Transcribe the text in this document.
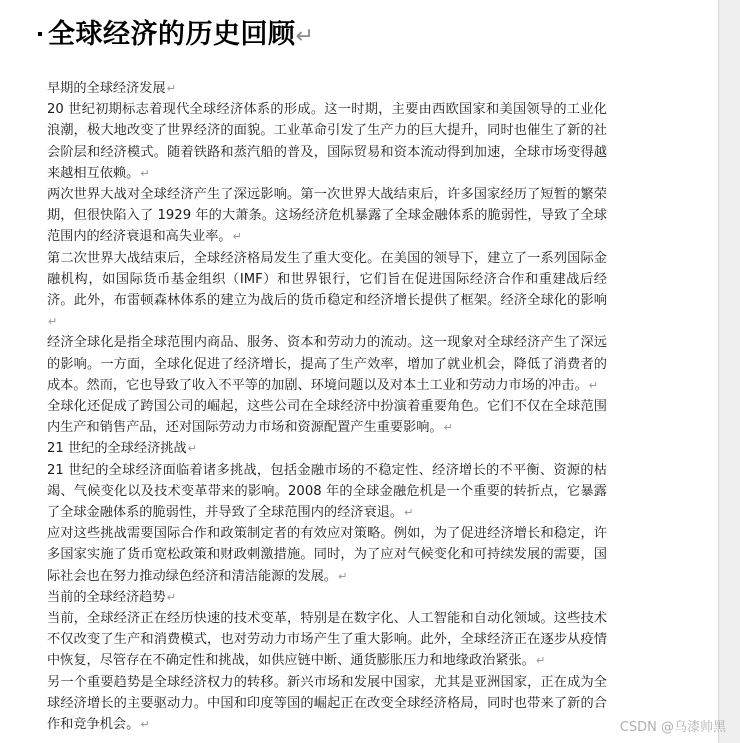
全球经济的历史回顾↵

早期的全球经济发展↵

20 世纪初期标志着现代全球经济体系的形成。这一时期，主要由西欧国家和美国领导的工业化浪潮，极大地改变了世界经济的面貌。工业革命引发了生产力的巨大提升，同时也催生了新的社会阶层和经济模式。随着铁路和蒸汽船的普及，国际贸易和资本流动得到加速，全球市场变得越来越相互依赖。↵

两次世界大战对全球经济产生了深远影响。第一次世界大战结束后，许多国家经历了短暂的繁荣期，但很快陷入了 1929 年的大萧条。这场经济危机暴露了全球金融体系的脆弱性，导致了全球范围内的经济衰退和高失业率。↵

第二次世界大战结束后，全球经济格局发生了重大变化。在美国的领导下，建立了一系列国际金融机构，如国际货币基金组织（IMF）和世界银行，它们旨在促进国际经济合作和重建战后经济。此外，布雷顿森林体系的建立为战后的货币稳定和经济增长提供了框架。经济全球化的影响↵

经济全球化是指全球范围内商品、服务、资本和劳动力的流动。这一现象对全球经济产生了深远的影响。一方面，全球化促进了经济增长，提高了生产效率，增加了就业机会，降低了消费者的成本。然而，它也导致了收入不平等的加剧、环境问题以及对本土工业和劳动力市场的冲击。↵

全球化还促成了跨国公司的崛起，这些公司在全球经济中扮演着重要角色。它们不仅在全球范围内生产和销售产品，还对国际劳动力市场和资源配置产生重要影响。↵

21 世纪的全球经济挑战↵

21 世纪的全球经济面临着诸多挑战，包括金融市场的不稳定性、经济增长的不平衡、资源的枯竭、气候变化以及技术变革带来的影响。2008 年的全球金融危机是一个重要的转折点，它暴露了全球金融体系的脆弱性，并导致了全球范围内的经济衰退。↵

应对这些挑战需要国际合作和政策制定者的有效应对策略。例如，为了促进经济增长和稳定，许多国家实施了货币宽松政策和财政刺激措施。同时，为了应对气候变化和可持续发展的需要，国际社会也在努力推动绿色经济和清洁能源的发展。↵

当前的全球经济趋势↵

当前，全球经济正在经历快速的技术变革，特别是在数字化、人工智能和自动化领域。这些技术不仅改变了生产和消费模式，也对劳动力市场产生了重大影响。此外，全球经济正在逐步从疫情中恢复，尽管存在不确定性和挑战，如供应链中断、通货膨胀压力和地缘政治紧张。↵

另一个重要趋势是全球经济权力的转移。新兴市场和发展中国家，尤其是亚洲国家，正在成为全球经济增长的主要驱动力。中国和印度等国的崛起正在改变全球经济格局，同时也带来了新的合作和竞争机会。↵	CSDN @乌漆帅黑
